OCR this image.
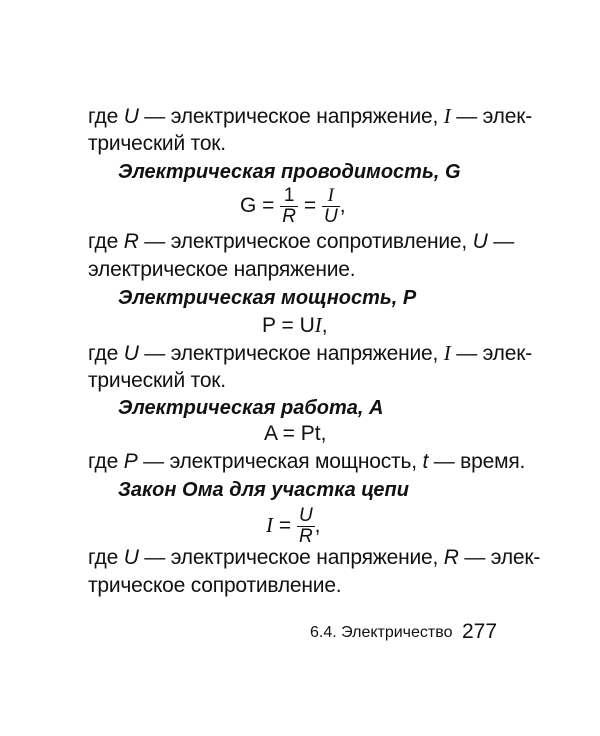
где U — электрическое напряжение, I — элек-
трический ток.
Электрическая проводимость, G
$G = \frac{1}{R} = \frac{I}{U}$ ,
где R — электрическое сопротивление, U —
электрическое напряжение.
Электрическая мощность, P
P = UI,
где U — электрическое напряжение, I — элек-
трический ток.
Электрическая работа, A
A = Pt,
где P — электрическая мощность, t — время.
Закон Ома для участка цепи
$I = \frac{U}{R}$ ,
где U — электрическое напряжение, R — элек-
трическое сопротивление.
6.4. Электричество 277
